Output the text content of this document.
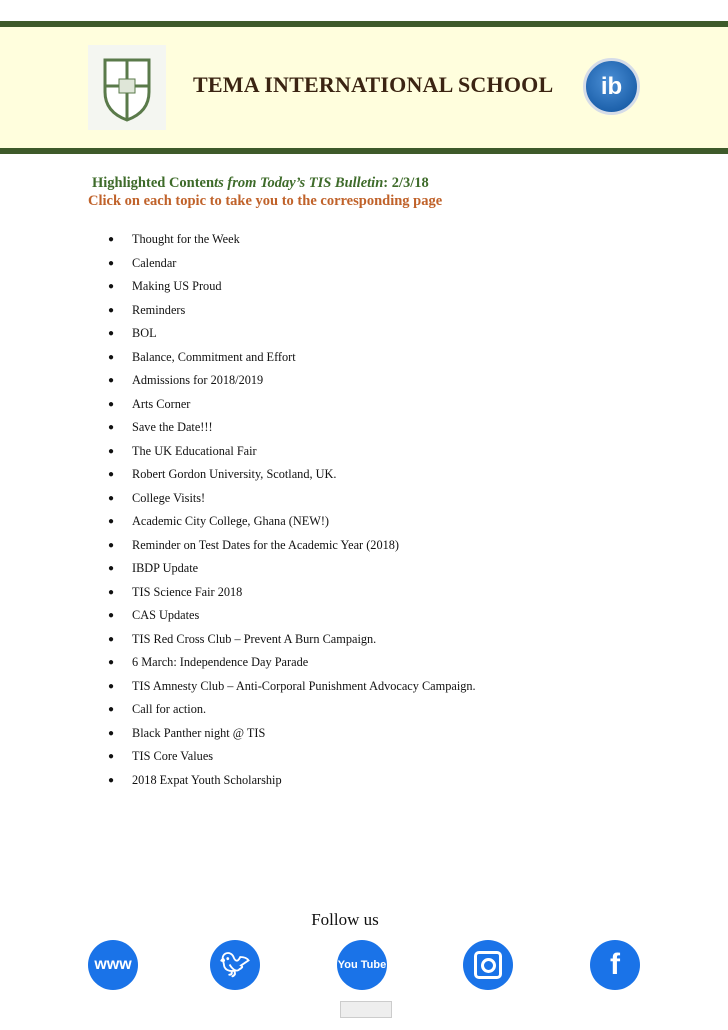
TEMA INTERNATIONAL SCHOOL	ib
Highlighted Contents from Today’s TIS Bulletin: 2/3/18
Click on each topic to take you to the corresponding page
●	Thought for the Week
●	Calendar
●	Making US Proud
●	Reminders
●	BOL
●	Balance, Commitment and Effort
●	Admissions for 2018/2019
●	Arts Corner
●	Save the Date!!!
●	The UK Educational Fair
●	Robert Gordon University, Scotland, UK.
●	College Visits!
●	Academic City College, Ghana (NEW!)
●	Reminder on Test Dates for the Academic Year (2018)
●	IBDP Update
●	TIS Science Fair 2018
●	CAS Updates
●	TIS Red Cross Club – Prevent A Burn Campaign.
●	6 March: Independence Day Parade
●	TIS Amnesty Club – Anti-Corporal Punishment Advocacy Campaign.
●	Call for action.
●	Black Panther night @ TIS
●	TIS Core Values
●	2018 Expat Youth Scholarship
Follow us
www	🐦︎	You Tube	f
